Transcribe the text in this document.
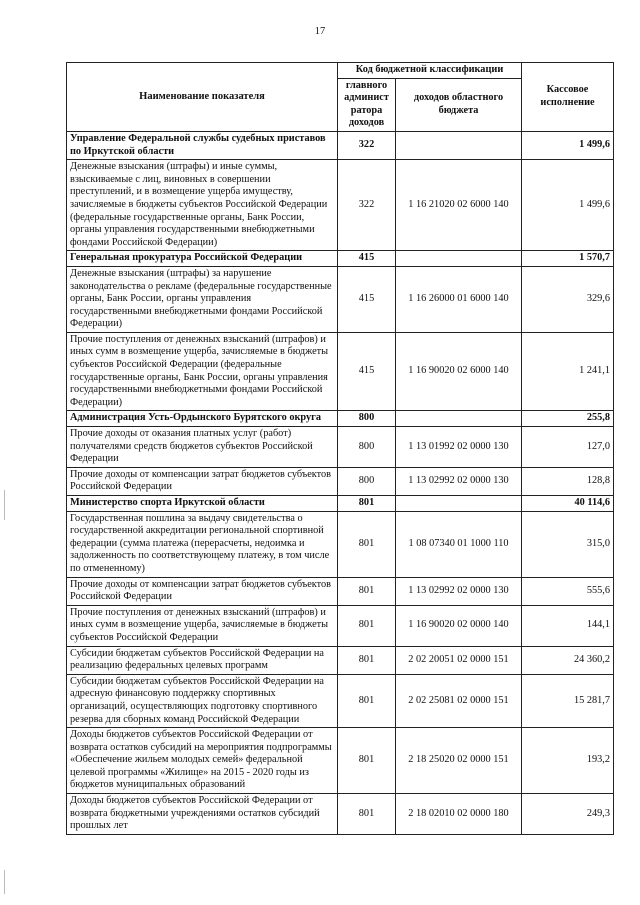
17
Наименование показателя	Код бюджетной классификации		Кассовое исполнение
	главного админист ратора доходов	доходов областного бюджета	
Управление Федеральной службы судебных приставов по Иркутской области	322		1 499,6
Денежные взыскания (штрафы) и иные суммы, взыскиваемые с лиц, виновных в совершении преступлений, и в возмещение ущерба имуществу, зачисляемые в бюджеты субъектов Российской Федерации (федеральные государственные органы, Банк России, органы управления государственными внебюджетными фондами Российской Федерации)	322	1 16 21020 02 6000 140	1 499,6
Генеральная прокуратура Российской Федерации	415		1 570,7
Денежные взыскания (штрафы) за нарушение законодательства о рекламе (федеральные государственные органы, Банк России, органы управления государственными внебюджетными фондами Российской Федерации)	415	1 16 26000 01 6000 140	329,6
Прочие поступления от денежных взысканий (штрафов) и иных сумм в возмещение ущерба, зачисляемые в бюджеты субъектов Российской Федерации (федеральные государственные органы, Банк России, органы управления государственными внебюджетными фондами Российской Федерации)	415	1 16 90020 02 6000 140	1 241,1
Администрация Усть-Ордынского Бурятского округа	800		255,8
Прочие доходы от оказания платных услуг (работ) получателями средств бюджетов субъектов Российской Федерации	800	1 13 01992 02 0000 130	127,0
Прочие доходы от компенсации затрат бюджетов субъектов Российской Федерации	800	1 13 02992 02 0000 130	128,8
Министерство спорта Иркутской области	801		40 114,6
Государственная пошлина за выдачу свидетельства о государственной аккредитации региональной спортивной федерации (сумма платежа (перерасчеты, недоимка и задолженность по соответствующему платежу, в том числе по отмененному)	801	1 08 07340 01 1000 110	315,0
Прочие доходы от компенсации затрат бюджетов субъектов Российской Федерации	801	1 13 02992 02 0000 130	555,6
Прочие поступления от денежных взысканий (штрафов) и иных сумм в возмещение ущерба, зачисляемые в бюджеты субъектов Российской Федерации	801	1 16 90020 02 0000 140	144,1
Субсидии бюджетам субъектов Российской Федерации на реализацию федеральных целевых программ	801	2 02 20051 02 0000 151	24 360,2
Субсидии бюджетам субъектов Российской Федерации на адресную финансовую поддержку спортивных организаций, осуществляющих подготовку спортивного резерва для сборных команд Российской Федерации	801	2 02 25081 02 0000 151	15 281,7
Доходы бюджетов субъектов Российской Федерации от возврата остатков субсидий на мероприятия подпрограммы «Обеспечение жильем молодых семей» федеральной целевой программы «Жилище» на 2015 - 2020 годы из бюджетов муниципальных образований	801	2 18 25020 02 0000 151	193,2
Доходы бюджетов субъектов Российской Федерации от возврата бюджетными учреждениями остатков субсидий прошлых лет	801	2 18 02010 02 0000 180	249,3
